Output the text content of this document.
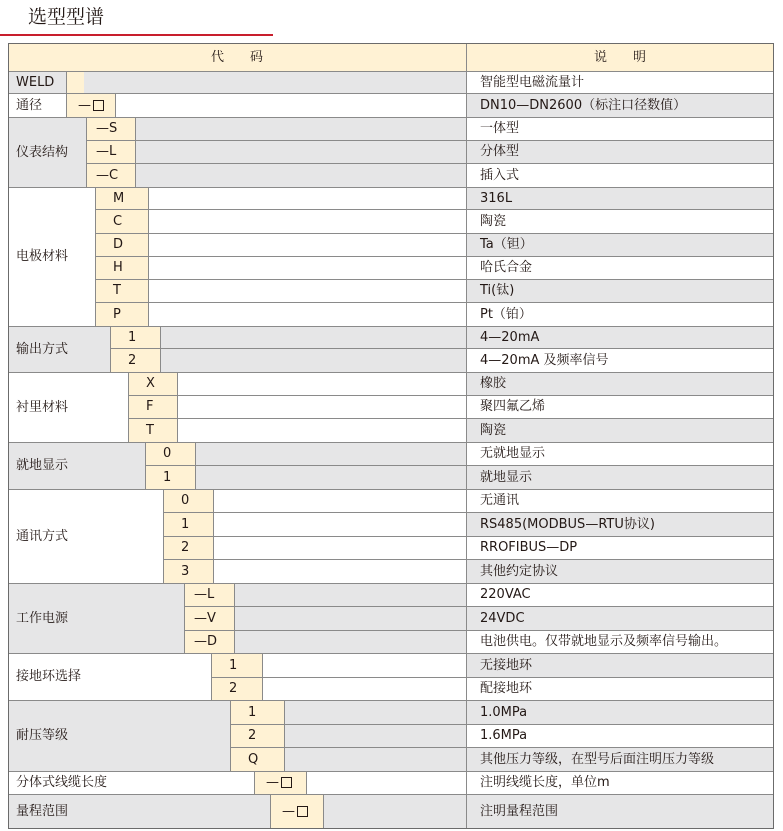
选型型谱
代　　码	说　　明
WELD	智能型电磁流量计
通径	—	DN10—DN2600（标注口径数值）
仪表结构
—S	一体型
—L	分体型
—C	插入式
电极材料
M	316L
C	陶瓷
D	Ta（钽）
H	哈氏合金
T	Ti(钛)
P	Pt（铂）
输出方式
1	4—20mA
2	4—20mA 及频率信号
衬里材料
X	橡胶
F	聚四氟乙烯
T	陶瓷
就地显示
0	无就地显示
1	就地显示
通讯方式
0	无通讯
1	RS485(MODBUS—RTU协议)
2	RROFIBUS—DP
3	其他约定协议
工作电源
—L	220VAC
—V	24VDC
—D	电池供电。仅带就地显示及频率信号输出。
接地环选择
1	无接地环
2	配接地环
耐压等级
1	1.0MPa
2	1.6MPa
Q	其他压力等级，在型号后面注明压力等级
分体式线缆长度	—	注明线缆长度，单位m
量程范围	—	注明量程范围
